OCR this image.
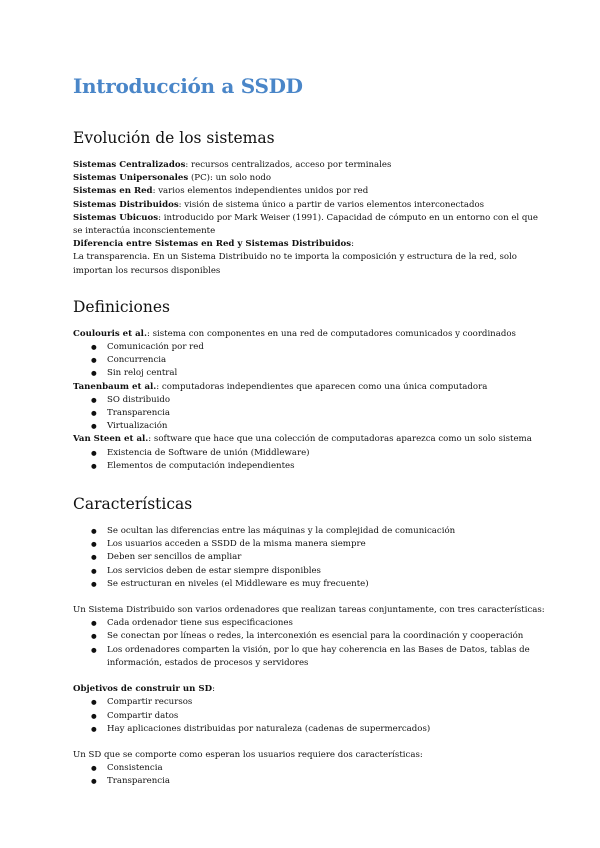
Introducción a SSDD
Evolución de los sistemas
Sistemas Centralizados: recursos centralizados, acceso por terminales
Sistemas Unipersonales (PC): un solo nodo
Sistemas en Red: varios elementos independientes unidos por red
Sistemas Distribuidos: visión de sistema único a partir de varios elementos interconectados
Sistemas Ubicuos: introducido por Mark Weiser (1991). Capacidad de cómputo en un entorno con el que se interactúa inconscientemente
Diferencia entre Sistemas en Red y Sistemas Distribuidos:
La transparencia. En un Sistema Distribuido no te importa la composición y estructura de la red, solo importan los recursos disponibles
Definiciones
Coulouris et al.: sistema con componentes en una red de computadores comunicados y coordinados
● Comunicación por red
● Concurrencia
● Sin reloj central
Tanenbaum et al.: computadoras independientes que aparecen como una única computadora
● SO distribuido
● Transparencia
● Virtualización
Van Steen et al.: software que hace que una colección de computadoras aparezca como un solo sistema
● Existencia de Software de unión (Middleware)
● Elementos de computación independientes
Características
● Se ocultan las diferencias entre las máquinas y la complejidad de comunicación
● Los usuarios acceden a SSDD de la misma manera siempre
● Deben ser sencillos de ampliar
● Los servicios deben de estar siempre disponibles
● Se estructuran en niveles (el Middleware es muy frecuente)
Un Sistema Distribuido son varios ordenadores que realizan tareas conjuntamente, con tres características:
● Cada ordenador tiene sus especificaciones
● Se conectan por líneas o redes, la interconexión es esencial para la coordinación y cooperación
● Los ordenadores comparten la visión, por lo que hay coherencia en las Bases de Datos, tablas de información, estados de procesos y servidores
Objetivos de construir un SD:
● Compartir recursos
● Compartir datos
● Hay aplicaciones distribuidas por naturaleza (cadenas de supermercados)
Un SD que se comporte como esperan los usuarios requiere dos características:
● Consistencia
● Transparencia
